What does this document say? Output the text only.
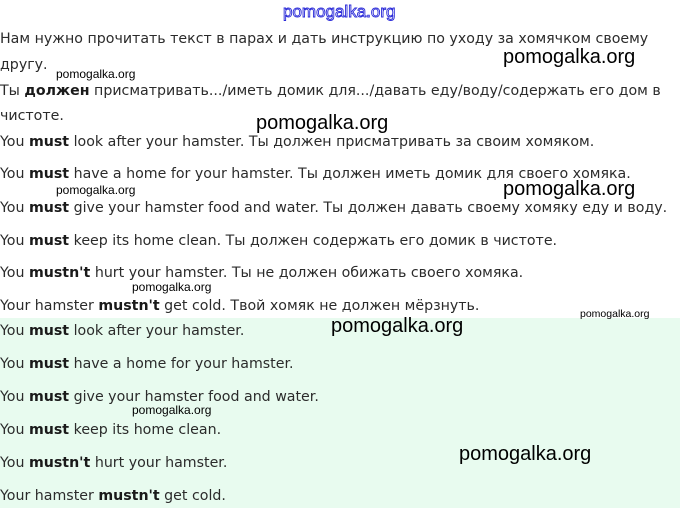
pomogalka.org
Нам нужно прочитать текст в парах и дать инструкцию по уходу за хомячком своему
другу.
Ты должен присматривать.../иметь домик для.../давать еду/воду/содержать его дом в
чистоте.
You must look after your hamster. Ты должен присматривать за своим хомяком.
You must have a home for your hamster. Ты должен иметь домик для своего хомяка.
You must give your hamster food and water. Ты должен давать своему хомяку еду и воду.
You must keep its home clean. Ты должен содержать его домик в чистоте.
You mustn't hurt your hamster. Ты не должен обижать своего хомяка.
Your hamster mustn't get cold. Твой хомяк не должен мёрзнуть.
You must look after your hamster.
You must have a home for your hamster.
You must give your hamster food and water.
You must keep its home clean.
You mustn't hurt your hamster.
Your hamster mustn't get cold.
pomogalka.org
pomogalka.org
pomogalka.org
pomogalka.org	pomogalka.org
pomogalka.org
pomogalka.org
pomogalka.org
pomogalka.org
pomogalka.org
